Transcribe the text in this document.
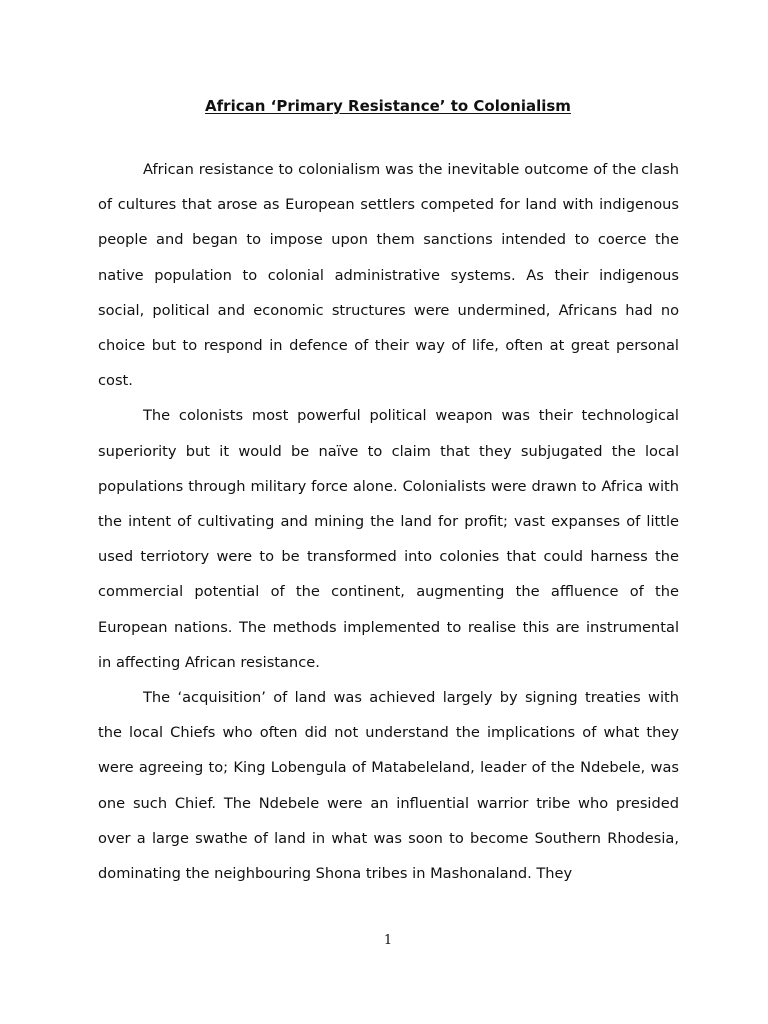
African ‘Primary Resistance’ to Colonialism

African resistance to colonialism was the inevitable outcome of the clash of cultures that arose as European settlers competed for land with indigenous people and began to impose upon them sanctions intended to coerce the native population to colonial administrative systems. As their indigenous social, political and economic structures were undermined, Africans had no choice but to respond in defence of their way of life, often at great personal cost.

The colonists most powerful political weapon was their technological superiority but it would be naïve to claim that they subjugated the local populations through military force alone. Colonialists were drawn to Africa with the intent of cultivating and mining the land for profit; vast expanses of little used terriotory were to be transformed into colonies that could harness the commercial potential of the continent, augmenting the affluence of the European nations. The methods implemented to realise this are instrumental in affecting African resistance.

The ‘acquisition’ of land was achieved largely by signing treaties with the local Chiefs who often did not understand the implications of what they were agreeing to; King Lobengula of Matabeleland, leader of the Ndebele, was one such Chief. The Ndebele were an influential warrior tribe who presided over a large swathe of land in what was soon to become Southern Rhodesia, dominating the neighbouring Shona tribes in Mashonaland. They

1
